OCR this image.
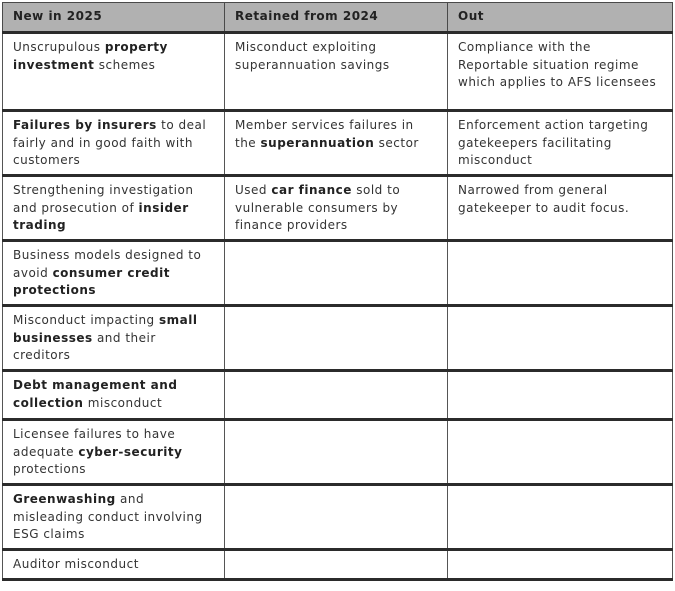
New in 2025	Retained from 2024	Out
Unscrupulous property investment schemes	Misconduct exploiting superannuation savings	Compliance with the Reportable situation regime which applies to AFS licensees
Failures by insurers to deal fairly and in good faith with customers	Member services failures in the superannuation sector	Enforcement action targeting gatekeepers facilitating misconduct
Strengthening investigation and prosecution of insider trading	Used car finance sold to vulnerable consumers by finance providers	Narrowed from general gatekeeper to audit focus.
Business models designed to avoid consumer credit protections		
Misconduct impacting small businesses and their creditors		
Debt management and collection misconduct		
Licensee failures to have adequate cyber-security protections		
Greenwashing and misleading conduct involving ESG claims		
Auditor misconduct		
